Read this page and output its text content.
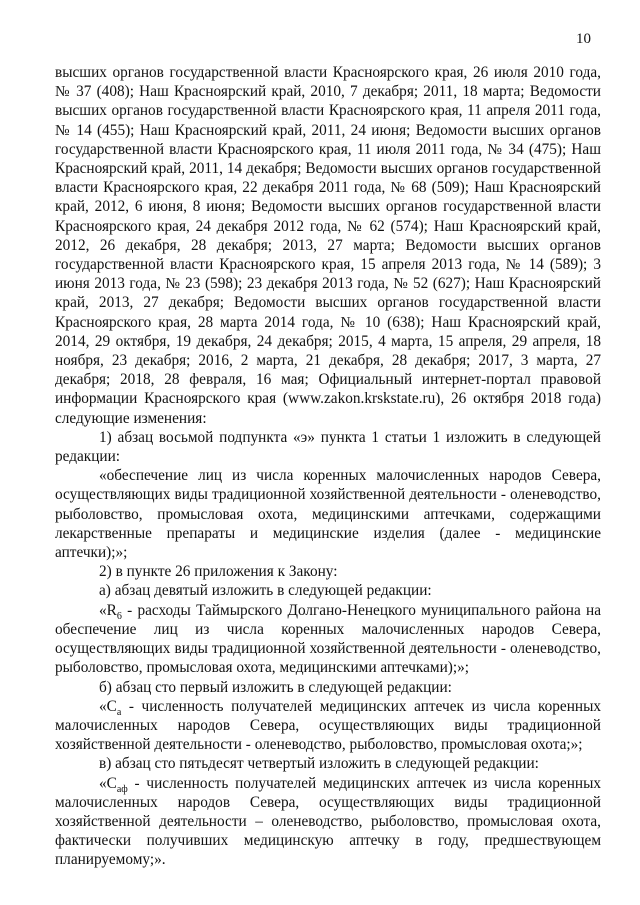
10

высших органов государственной власти Красноярского края, 26 июля 2010 года, № 37 (408); Наш Красноярский край, 2010, 7 декабря; 2011, 18 марта; Ведомости высших органов государственной власти Красноярского края, 11 апреля 2011 года, № 14 (455); Наш Красноярский край, 2011, 24 июня; Ведомости высших органов государственной власти Красноярского края, 11 июля 2011 года, № 34 (475); Наш Красноярский край, 2011, 14 декабря; Ведомости высших органов государственной власти Красноярского края, 22 декабря 2011 года, № 68 (509); Наш Красноярский край, 2012, 6 июня, 8 июня; Ведомости высших органов государственной власти Красноярского края, 24 декабря 2012 года, № 62 (574); Наш Красноярский край, 2012, 26 декабря, 28 декабря; 2013, 27 марта; Ведомости высших органов государственной власти Красноярского края, 15 апреля 2013 года, № 14 (589); 3 июня 2013 года, № 23 (598); 23 декабря 2013 года, № 52 (627); Наш Красноярский край, 2013, 27 декабря; Ведомости высших органов государственной власти Красноярского края, 28 марта 2014 года, № 10 (638); Наш Красноярский край, 2014, 29 октября, 19 декабря, 24 декабря; 2015, 4 марта, 15 апреля, 29 апреля, 18 ноября, 23 декабря; 2016, 2 марта, 21 декабря, 28 декабря; 2017, 3 марта, 27 декабря; 2018, 28 февраля, 16 мая; Официальный интернет-портал правовой информации Красноярского края (www.zakon.krskstate.ru), 26 октября 2018 года) следующие изменения:

1) абзац восьмой подпункта «э» пункта 1 статьи 1 изложить в следующей редакции:

«обеспечение лиц из числа коренных малочисленных народов Севера, осуществляющих виды традиционной хозяйственной деятельности - оленеводство, рыболовство, промысловая охота, медицинскими аптечками, содержащими лекарственные препараты и медицинские изделия (далее - медицинские аптечки);»;

2) в пункте 26 приложения к Закону:

а) абзац девятый изложить в следующей редакции:

«$R_6$ - расходы Таймырского Долгано-Ненецкого муниципального района на обеспечение лиц из числа коренных малочисленных народов Севера, осуществляющих виды традиционной хозяйственной деятельности - оленеводство, рыболовство, промысловая охота, медицинскими аптечками);»;

б) абзац сто первый изложить в следующей редакции:

«$C_а$ - численность получателей медицинских аптечек из числа коренных малочисленных народов Севера, осуществляющих виды традиционной хозяйственной деятельности - оленеводство, рыболовство, промысловая охота;»;

в) абзац сто пятьдесят четвертый изложить в следующей редакции:

«$C_{аф}$ - численность получателей медицинских аптечек из числа коренных малочисленных народов Севера, осуществляющих виды традиционной хозяйственной деятельности – оленеводство, рыболовство, промысловая охота, фактически получивших медицинскую аптечку в году, предшествующем планируемому;».
